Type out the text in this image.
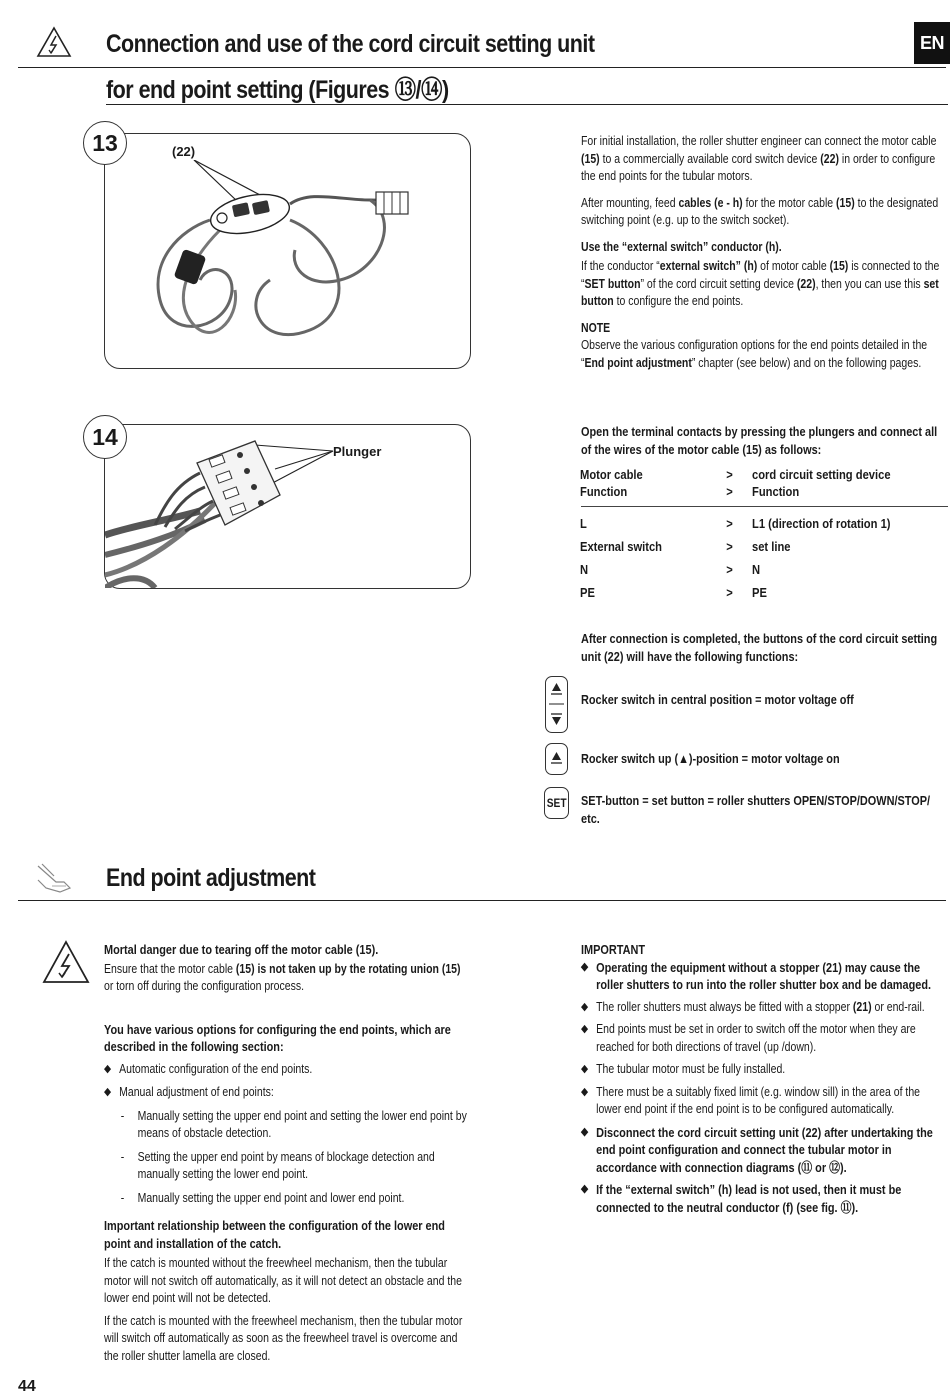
Connection and use of the cord circuit setting unit
for end point setting (Figures ⑬/⑭)
EN
13	(22)

For initial installation, the roller shutter engineer can connect the motor cable (15) to a commercially available cord switch device (22) in order to configure the end points for the tubular motors.

After mounting, feed cables (e - h) for the motor cable (15) to the designated switching point (e.g. up to the switch socket).

Use the “external switch” conductor (h).

If the conductor “external switch” (h) of motor cable (15) is connected to the “SET button” of the cord circuit setting device (22), then you can use this set button to configure the end points.

NOTE

Observe the various configuration options for the end points detailed in the “End point adjustment” chapter (see below) and on the following pages.

14
Plunger
Open the terminal contacts by pressing the plungers and connect all of the wires of the motor cable (15) as follows:
Motor cable	> cord circuit setting device
Function	> Function
L	> L1 (direction of rotation 1)
External switch	> set line
N	> N
PE	> PE
After connection is completed, the buttons of the cord circuit setting unit (22) will have the following functions:
Rocker switch in central position = motor voltage off
Rocker switch up (▲)-position = motor voltage on
SET SET-button = set button = roller shutters OPEN/STOP/DOWN/STOP/ etc.
End point adjustment

Mortal danger due to tearing off the motor cable (15).

Ensure that the motor cable (15) is not taken up by the rotating union (15) or torn off during the configuration process.

You have various options for configuring the end points, which are described in the following section:

◆ Automatic configuration of the end points.

◆ Manual adjustment of end points:

- Manually setting the upper end point and setting the lower end point by means of obstacle detection.

- Setting the upper end point by means of blockage detection and manually setting the lower end point.

- Manually setting the upper end point and lower end point.

Important relationship between the configuration of the lower end point and installation of the catch.

If the catch is mounted without the freewheel mechanism, then the tubular motor will not switch off automatically, as it will not detect an obstacle and the lower end point will not be detected.

If the catch is mounted with the freewheel mechanism, then the tubular motor will switch off automatically as soon as the freewheel travel is overcome and the roller shutter lamella are closed.

IMPORTANT

◆ Operating the equipment without a stopper (21) may cause the roller shutters to run into the roller shutter box and be damaged.

◆ The roller shutters must always be fitted with a stopper (21) or end-rail.

◆ End points must be set in order to switch off the motor when they are reached for both directions of travel (up /down).

◆ The tubular motor must be fully installed.

◆ There must be a suitably fixed limit (e.g. window sill) in the area of the lower end point if the end point is to be configured automatically.

◆ Disconnect the cord circuit setting unit (22) after undertaking the end point configuration and connect the tubular motor in accordance with connection diagrams (⑪ or ⑫).

◆ If the “external switch” (h) lead is not used, then it must be connected to the neutral conductor (f) (see fig. ⑪).

44
